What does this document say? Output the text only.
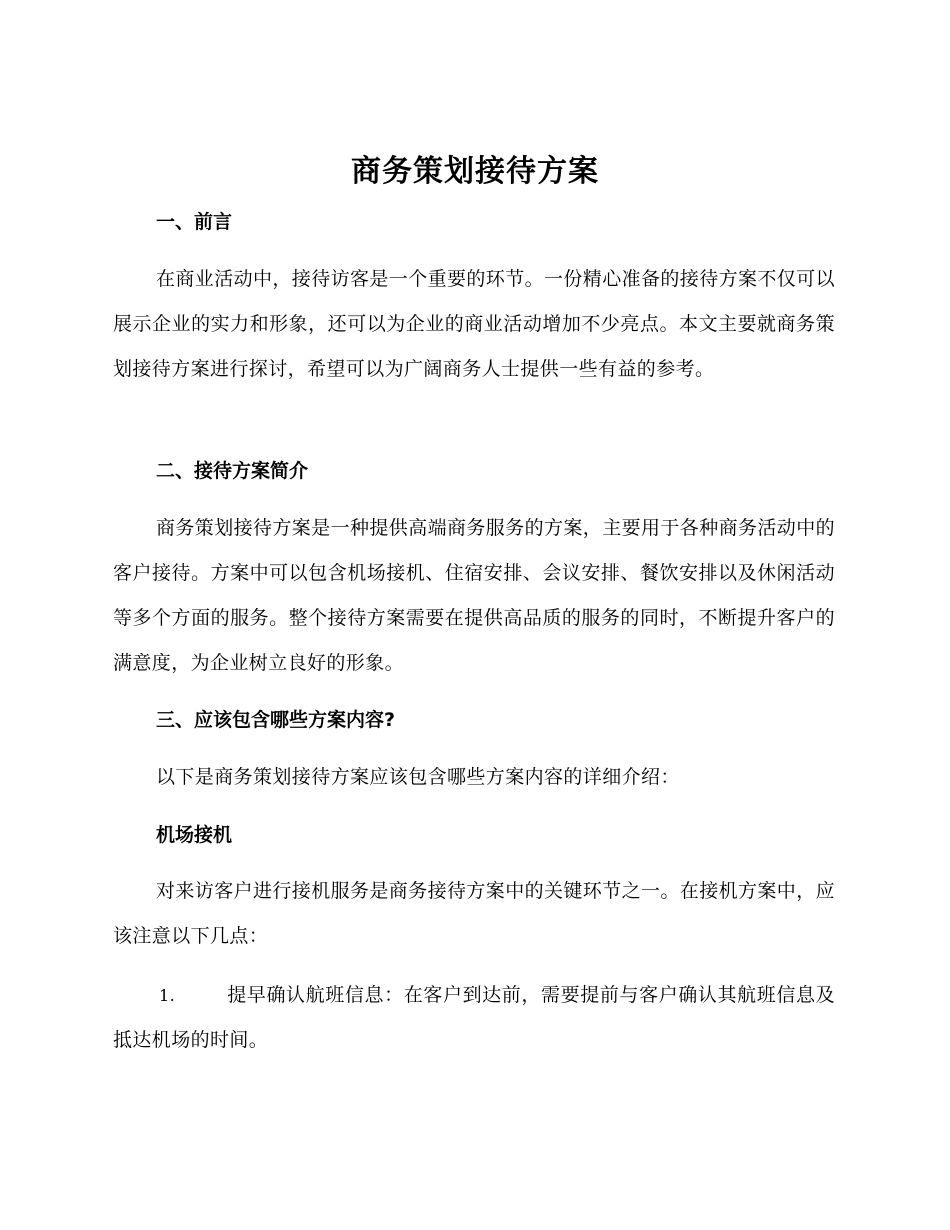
商务策划接待方案
一、前言

在商业活动中，接待访客是一个重要的环节。一份精心准备的接待方案不仅可以展示企业的实力和形象，还可以为企业的商业活动增加不少亮点。本文主要就商务策划接待方案进行探讨，希望可以为广阔商务人士提供一些有益的参考。

二、接待方案简介

商务策划接待方案是一种提供高端商务服务的方案，主要用于各种商务活动中的客户接待。方案中可以包含机场接机、住宿安排、会议安排、餐饮安排以及休闲活动等多个方面的服务。整个接待方案需要在提供高品质的服务的同时，不断提升客户的满意度，为企业树立良好的形象。

三、应该包含哪些方案内容?

以下是商务策划接待方案应该包含哪些方案内容的详细介绍：

机场接机

对来访客户进行接机服务是商务接待方案中的关键环节之一。在接机方案中，应该注意以下几点：

1.	提早确认航班信息：在客户到达前，需要提前与客户确认其航班信息及抵达机场的时间。
